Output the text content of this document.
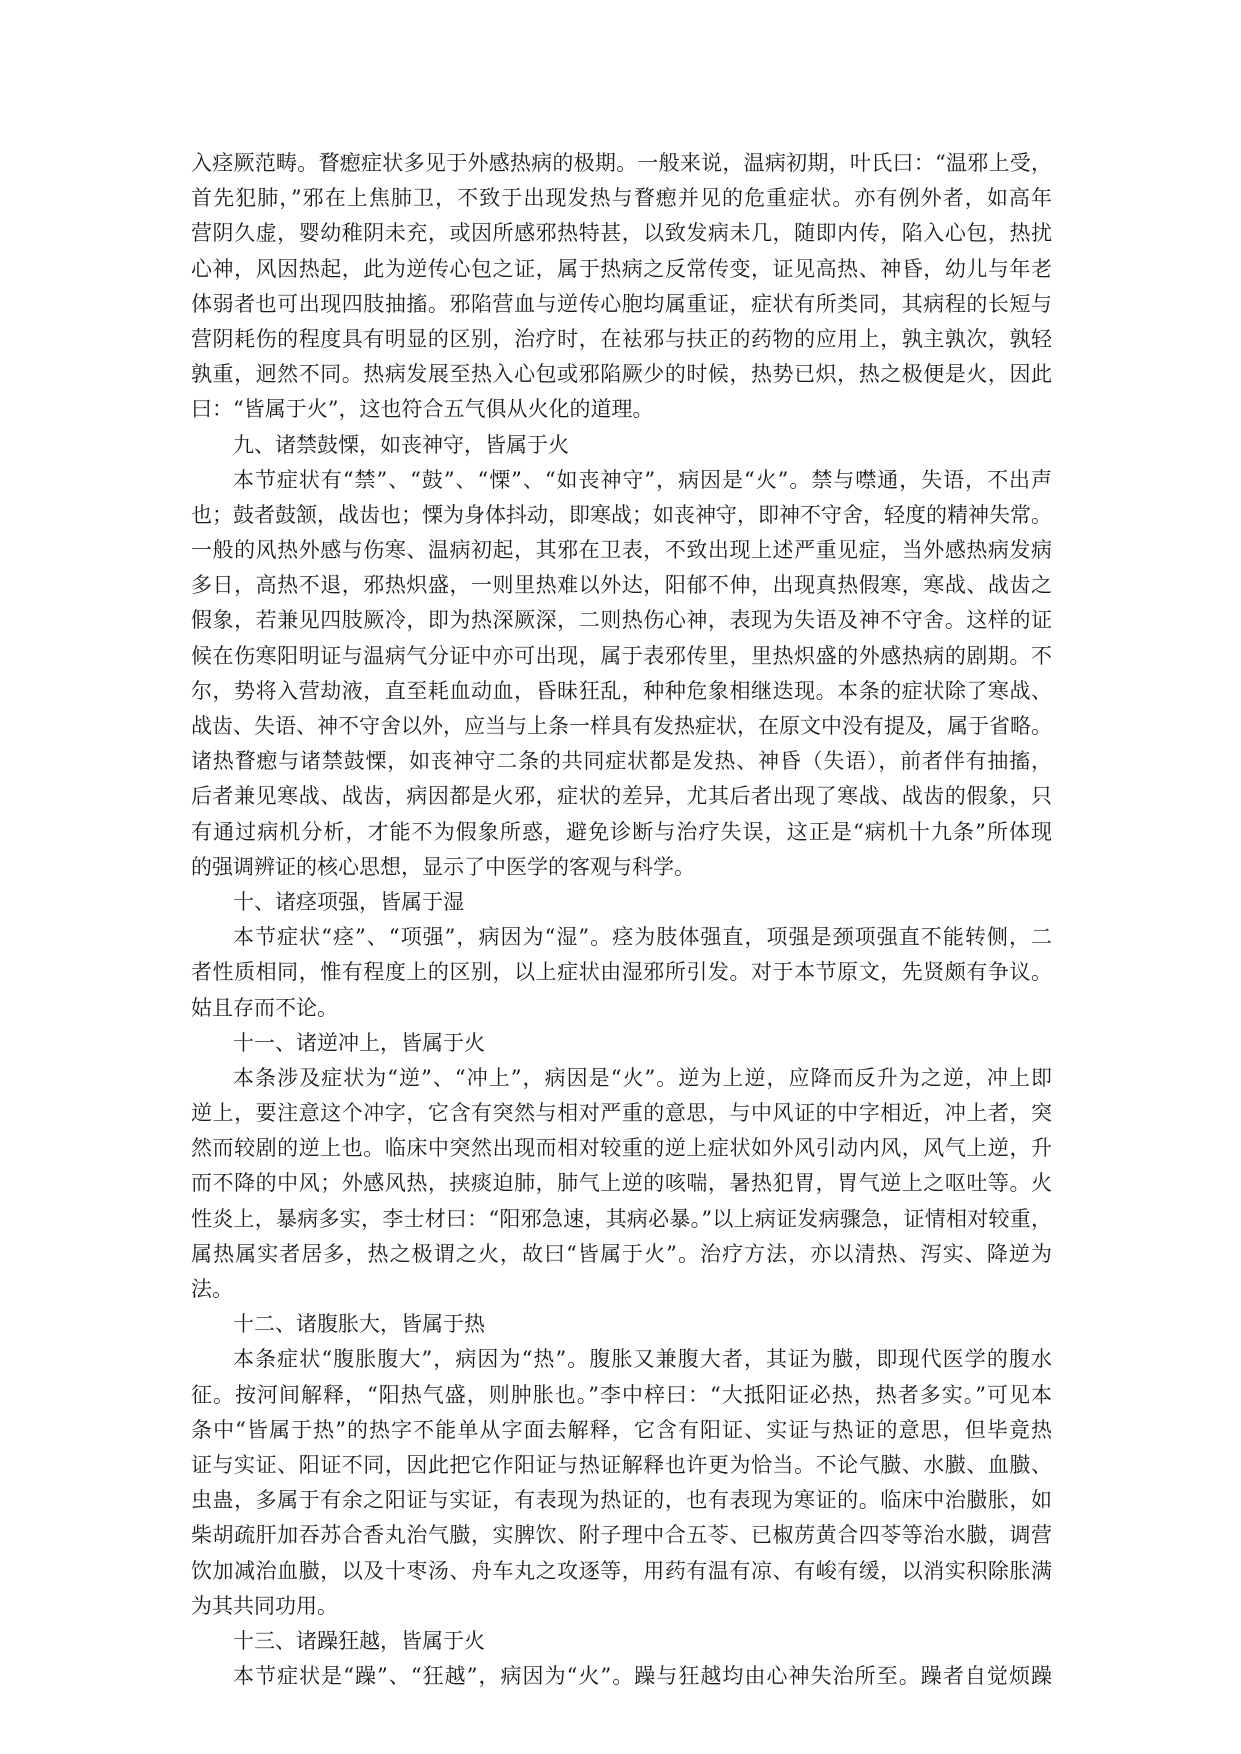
入痉厥范畴。瞀瘛症状多见于外感热病的极期。一般来说，温病初期，叶氏曰：“温邪上受，
首先犯肺，”邪在上焦肺卫，不致于出现发热与瞀瘛并见的危重症状。亦有例外者，如高年
营阴久虚，婴幼稚阴未充，或因所感邪热特甚，以致发病未几，随即内传，陷入心包，热扰
心神，风因热起，此为逆传心包之证，属于热病之反常传变，证见高热、神昏，幼儿与年老
体弱者也可出现四肢抽搐。邪陷营血与逆传心胞均属重证，症状有所类同，其病程的长短与
营阴耗伤的程度具有明显的区别，治疗时，在袪邪与扶正的药物的应用上，孰主孰次，孰轻
孰重，迥然不同。热病发展至热入心包或邪陷厥少的时候，热势已炽，热之极便是火，因此
曰：“皆属于火”，这也符合五气俱从火化的道理。
九、诸禁鼓慄，如丧神守，皆属于火
本节症状有“禁”、“鼓”、“慄”、“如丧神守”，病因是“火”。禁与噤通，失语，不出声
也；鼓者鼓颔，战齿也；慄为身体抖动，即寒战；如丧神守，即神不守舍，轻度的精神失常。
一般的风热外感与伤寒、温病初起，其邪在卫表，不致出现上述严重见症，当外感热病发病
多日，高热不退，邪热炽盛，一则里热难以外达，阳郁不伸，出现真热假寒，寒战、战齿之
假象，若兼见四肢厥冷，即为热深厥深，二则热伤心神，表现为失语及神不守舍。这样的证
候在伤寒阳明证与温病气分证中亦可出现，属于表邪传里，里热炽盛的外感热病的剧期。不
尔，势将入营劫液，直至耗血动血，昏昧狂乱，种种危象相继迭现。本条的症状除了寒战、
战齿、失语、神不守舍以外，应当与上条一样具有发热症状，在原文中没有提及，属于省略。
诸热瞀瘛与诸禁鼓慄，如丧神守二条的共同症状都是发热、神昏（失语），前者伴有抽搐，
后者兼见寒战、战齿，病因都是火邪，症状的差异，尤其后者出现了寒战、战齿的假象，只
有通过病机分析，才能不为假象所惑，避免诊断与治疗失误，这正是“病机十九条”所体现
的强调辨证的核心思想，显示了中医学的客观与科学。
十、诸痉项强，皆属于湿
本节症状“痉”、“项强”，病因为“湿”。痉为肢体强直，项强是颈项强直不能转侧，二
者性质相同，惟有程度上的区别，以上症状由湿邪所引发。对于本节原文，先贤颇有争议。
姑且存而不论。
十一、诸逆冲上，皆属于火
本条涉及症状为“逆”、“冲上”，病因是“火”。逆为上逆，应降而反升为之逆，冲上即
逆上，要注意这个冲字，它含有突然与相对严重的意思，与中风证的中字相近，冲上者，突
然而较剧的逆上也。临床中突然出现而相对较重的逆上症状如外风引动内风，风气上逆，升
而不降的中风；外感风热，挟痰迫肺，肺气上逆的咳喘，暑热犯胃，胃气逆上之呕吐等。火
性炎上，暴病多实，李士材曰：“阳邪急速，其病必暴。”以上病证发病骤急，证情相对较重，
属热属实者居多，热之极谓之火，故曰“皆属于火”。治疗方法，亦以清热、泻实、降逆为
法。
十二、诸腹胀大，皆属于热
本条症状“腹胀腹大”，病因为“热”。腹胀又兼腹大者，其证为臌，即现代医学的腹水
征。按河间解释，“阳热气盛，则肿胀也。”李中梓曰：“大抵阳证必热，热者多实。”可见本
条中“皆属于热”的热字不能单从字面去解释，它含有阳证、实证与热证的意思，但毕竟热
证与实证、阳证不同，因此把它作阳证与热证解释也许更为恰当。不论气臌、水臌、血臌、
虫蛊，多属于有余之阳证与实证，有表现为热证的，也有表现为寒证的。临床中治臌胀，如
柴胡疏肝加吞苏合香丸治气臌，实脾饮、附子理中合五苓、已椒苈黄合四苓等治水臌，调营
饮加减治血臌，以及十枣汤、舟车丸之攻逐等，用药有温有凉、有峻有缓，以消实积除胀满
为其共同功用。
十三、诸躁狂越，皆属于火
本节症状是“躁”、“狂越”，病因为“火”。躁与狂越均由心神失治所至。躁者自觉烦躁
